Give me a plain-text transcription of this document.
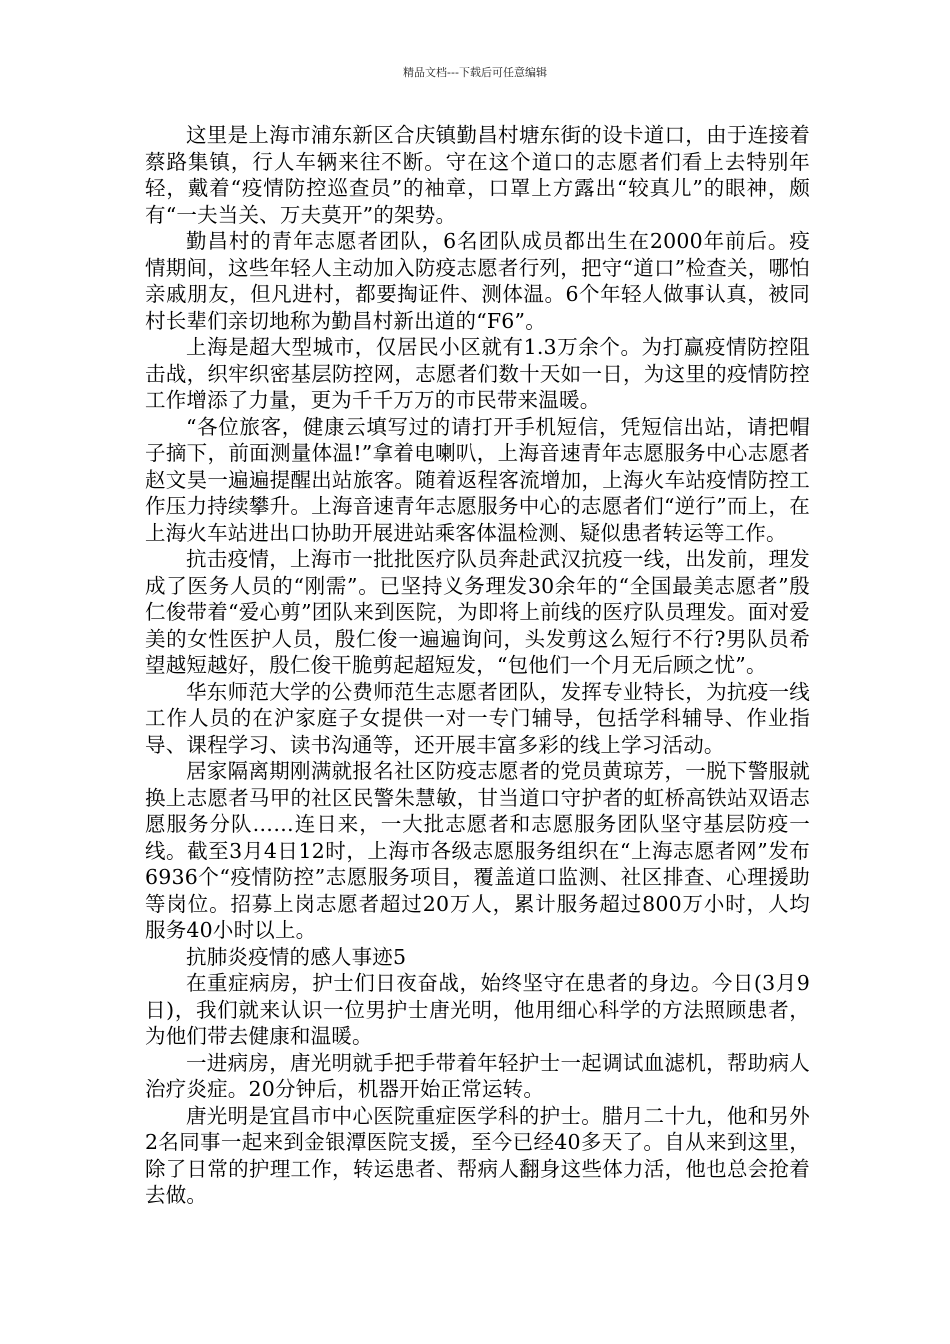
精品文档---下载后可任意编辑

这里是上海市浦东新区合庆镇勤昌村塘东街的设卡道口，由于连接着蔡路集镇，行人车辆来往不断。守在这个道口的志愿者们看上去特别年轻，戴着“疫情防控巡查员”的袖章，口罩上方露出“较真儿”的眼神，颇有“一夫当关、万夫莫开”的架势。

勤昌村的青年志愿者团队，6名团队成员都出生在2000年前后。疫情期间，这些年轻人主动加入防疫志愿者行列，把守“道口”检查关，哪怕亲戚朋友，但凡进村，都要掏证件、测体温。6个年轻人做事认真，被同村长辈们亲切地称为勤昌村新出道的“F6”。

上海是超大型城市，仅居民小区就有1.3万余个。为打赢疫情防控阻击战，织牢织密基层防控网，志愿者们数十天如一日，为这里的疫情防控工作增添了力量，更为千千万万的市民带来温暖。

“各位旅客，健康云填写过的请打开手机短信，凭短信出站，请把帽子摘下，前面测量体温!”拿着电喇叭，上海音速青年志愿服务中心志愿者赵文昊一遍遍提醒出站旅客。随着返程客流增加，上海火车站疫情防控工作压力持续攀升。上海音速青年志愿服务中心的志愿者们“逆行”而上，在上海火车站进出口协助开展进站乘客体温检测、疑似患者转运等工作。

抗击疫情，上海市一批批医疗队员奔赴武汉抗疫一线，出发前，理发成了医务人员的“刚需”。已坚持义务理发30余年的“全国最美志愿者”殷仁俊带着“爱心剪”团队来到医院，为即将上前线的医疗队员理发。面对爱美的女性医护人员，殷仁俊一遍遍询问，头发剪这么短行不行?男队员希望越短越好，殷仁俊干脆剪起超短发，“包他们一个月无后顾之忧”。

华东师范大学的公费师范生志愿者团队，发挥专业特长，为抗疫一线工作人员的在沪家庭子女提供一对一专门辅导，包括学科辅导、作业指导、课程学习、读书沟通等，还开展丰富多彩的线上学习活动。

居家隔离期刚满就报名社区防疫志愿者的党员黄琼芳，一脱下警服就换上志愿者马甲的社区民警朱慧敏，甘当道口守护者的虹桥高铁站双语志愿服务分队……连日来，一大批志愿者和志愿服务团队坚守基层防疫一线。截至3月4日12时，上海市各级志愿服务组织在“上海志愿者网”发布6936个“疫情防控”志愿服务项目，覆盖道口监测、社区排查、心理援助等岗位。招募上岗志愿者超过20万人，累计服务超过800万小时，人均服务40小时以上。

抗肺炎疫情的感人事迹5

在重症病房，护士们日夜奋战，始终坚守在患者的身边。今日(3月9日)，我们就来认识一位男护士唐光明，他用细心科学的方法照顾患者，为他们带去健康和温暖。

一进病房，唐光明就手把手带着年轻护士一起调试血滤机，帮助病人治疗炎症。20分钟后，机器开始正常运转。

唐光明是宜昌市中心医院重症医学科的护士。腊月二十九，他和另外2名同事一起来到金银潭医院支援，至今已经40多天了。自从来到这里，除了日常的护理工作，转运患者、帮病人翻身这些体力活，他也总会抢着去做。
